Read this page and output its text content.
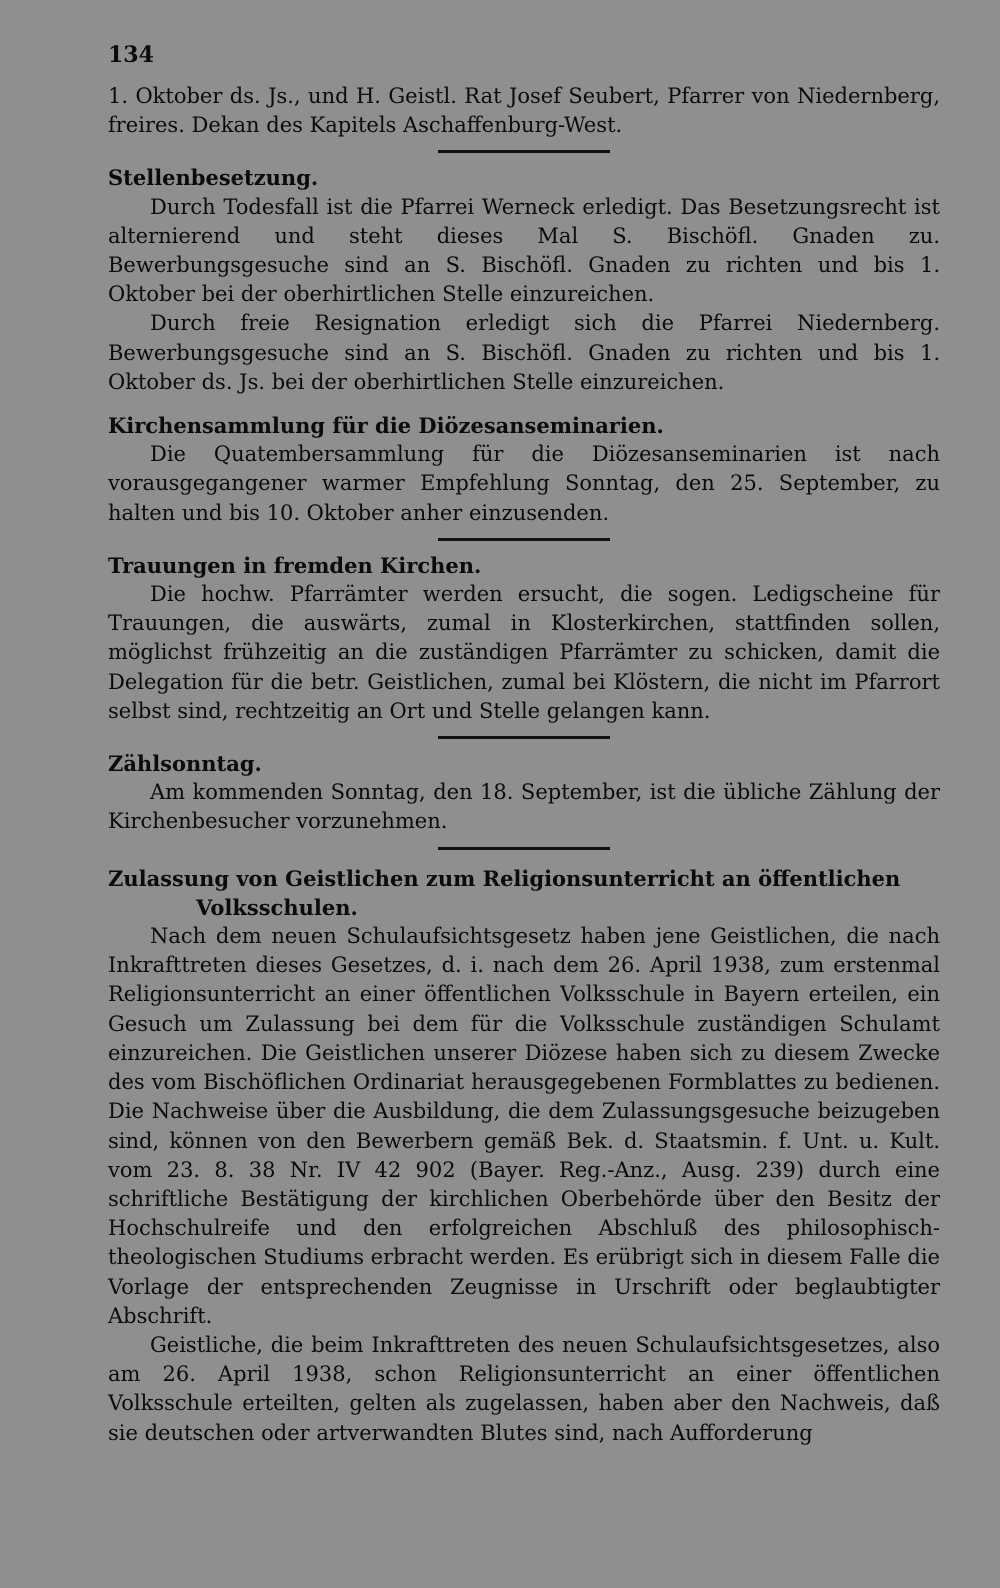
134

1. Oktober ds. Js., und H. Geistl. Rat Josef Seubert, Pfarrer von Niedernberg, freires. Dekan des Kapitels Aschaffenburg-West.

Stellenbesetzung.

Durch Todesfall ist die Pfarrei Werneck erledigt. Das Besetzungsrecht ist alternierend und steht dieses Mal S. Bischöfl. Gnaden zu. Bewerbungsgesuche sind an S. Bischöfl. Gnaden zu richten und bis 1. Oktober bei der oberhirtlichen Stelle einzureichen.

Durch freie Resignation erledigt sich die Pfarrei Niedernberg. Bewerbungsgesuche sind an S. Bischöfl. Gnaden zu richten und bis 1. Oktober ds. Js. bei der oberhirtlichen Stelle einzureichen.

Kirchensammlung für die Diözesanseminarien.

Die Quatembersammlung für die Diözesanseminarien ist nach vorausgegangener warmer Empfehlung Sonntag, den 25. September, zu halten und bis 10. Oktober anher einzusenden.

Trauungen in fremden Kirchen.

Die hochw. Pfarrämter werden ersucht, die sogen. Ledigscheine für Trauungen, die auswärts, zumal in Klosterkirchen, stattfinden sollen, möglichst frühzeitig an die zuständigen Pfarrämter zu schicken, damit die Delegation für die betr. Geistlichen, zumal bei Klöstern, die nicht im Pfarrort selbst sind, rechtzeitig an Ort und Stelle gelangen kann.

Zählsonntag.

Am kommenden Sonntag, den 18. September, ist die übliche Zählung der Kirchenbesucher vorzunehmen.

Zulassung von Geistlichen zum Religionsunterricht an öffentlichen Volksschulen.

Nach dem neuen Schulaufsichtsgesetz haben jene Geistlichen, die nach Inkrafttreten dieses Gesetzes, d. i. nach dem 26. April 1938, zum erstenmal Religionsunterricht an einer öffentlichen Volksschule in Bayern erteilen, ein Gesuch um Zulassung bei dem für die Volksschule zuständigen Schulamt einzureichen. Die Geistlichen unserer Diözese haben sich zu diesem Zwecke des vom Bischöflichen Ordinariat herausgegebenen Formblattes zu bedienen. Die Nachweise über die Ausbildung, die dem Zulassungsgesuche beizugeben sind, können von den Bewerbern gemäß Bek. d. Staatsmin. f. Unt. u. Kult. vom 23. 8. 38 Nr. IV 42 902 (Bayer. Reg.-Anz., Ausg. 239) durch eine schriftliche Bestätigung der kirchlichen Oberbehörde über den Besitz der Hochschulreife und den erfolgreichen Abschluß des philosophisch-theologischen Studiums erbracht werden. Es erübrigt sich in diesem Falle die Vorlage der entsprechenden Zeugnisse in Urschrift oder beglaubtigter Abschrift.

Geistliche, die beim Inkrafttreten des neuen Schulaufsichtsgesetzes, also am 26. April 1938, schon Religionsunterricht an einer öffentlichen Volksschule erteilten, gelten als zugelassen, haben aber den Nachweis, daß sie deutschen oder artverwandten Blutes sind, nach Aufforderung
